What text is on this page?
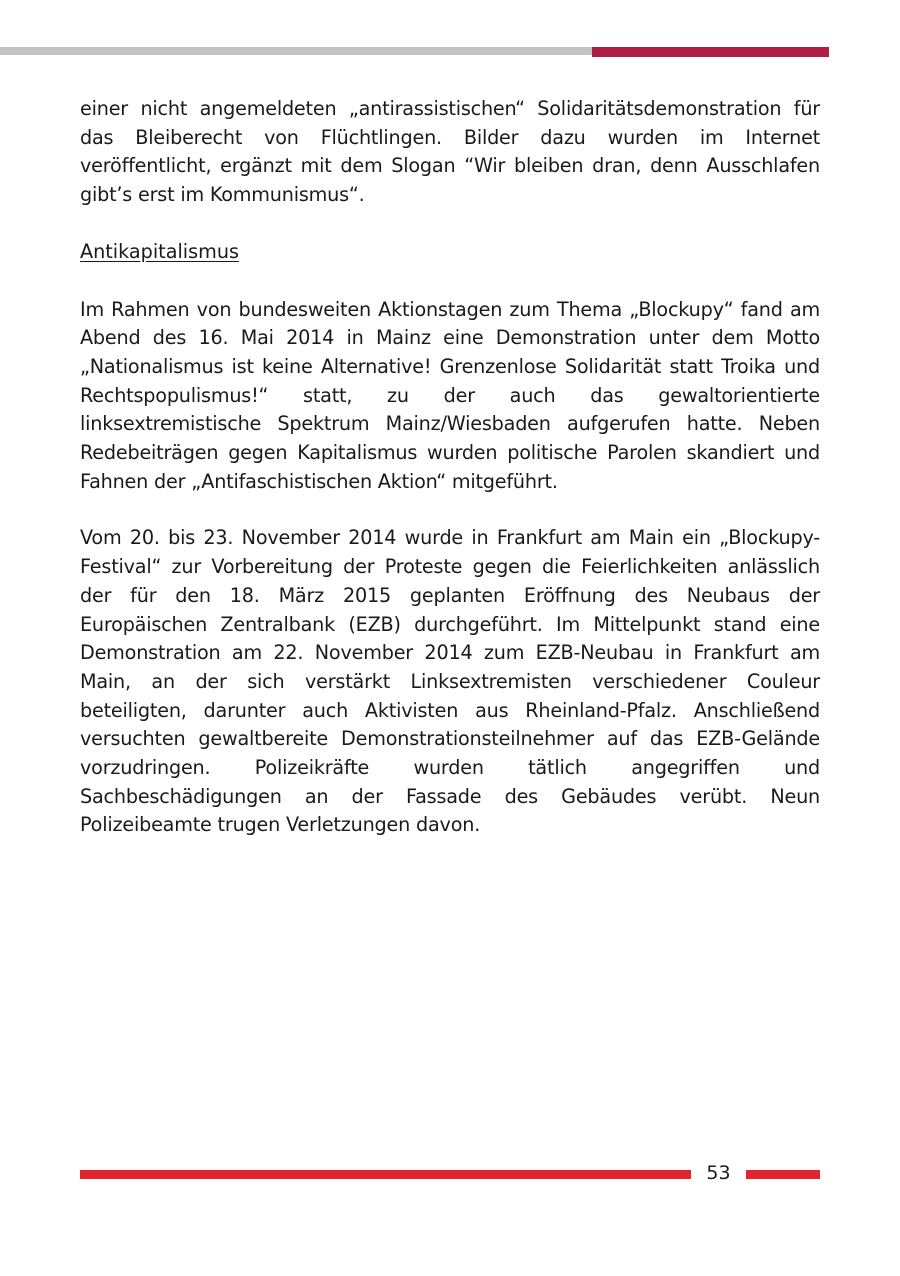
einer nicht angemeldeten „antirassistischen“ Solidaritätsdemonstration für das Bleiberecht von Flüchtlingen. Bilder dazu wurden im Internet veröffentlicht, ergänzt mit dem Slogan “Wir bleiben dran, denn Ausschlafen gibt’s erst im Kommunismus“.

Antikapitalismus

Im Rahmen von bundesweiten Aktionstagen zum Thema „Blockupy“ fand am Abend des 16. Mai 2014 in Mainz eine Demonstration unter dem Motto „Nationalismus ist keine Alternative! Grenzenlose Solidarität statt Troika und Rechtspopulismus!“ statt, zu der auch das gewaltorientierte linksextremistische Spektrum Mainz/Wiesbaden aufgerufen hatte. Neben Redebeiträgen gegen Kapitalismus wurden politische Parolen skandiert und Fahnen der „Antifaschistischen Aktion“ mitgeführt.

Vom 20. bis 23. November 2014 wurde in Frankfurt am Main ein „Blockupy-Festival“ zur Vorbereitung der Proteste gegen die Feierlichkeiten anlässlich der für den 18. März 2015 geplanten Eröffnung des Neubaus der Europäischen Zentralbank (EZB) durchgeführt. Im Mittelpunkt stand eine Demonstration am 22. November 2014 zum EZB-Neubau in Frankfurt am Main, an der sich verstärkt Linksextremisten verschiedener Couleur beteiligten, darunter auch Aktivisten aus Rheinland-Pfalz. Anschließend versuchten gewaltbereite Demonstrationsteilnehmer auf das EZB-Gelände vorzudringen. Polizeikräfte wurden tätlich angegriffen und Sachbeschädigungen an der Fassade des Gebäudes verübt. Neun Polizeibeamte trugen Verletzungen davon.

53
